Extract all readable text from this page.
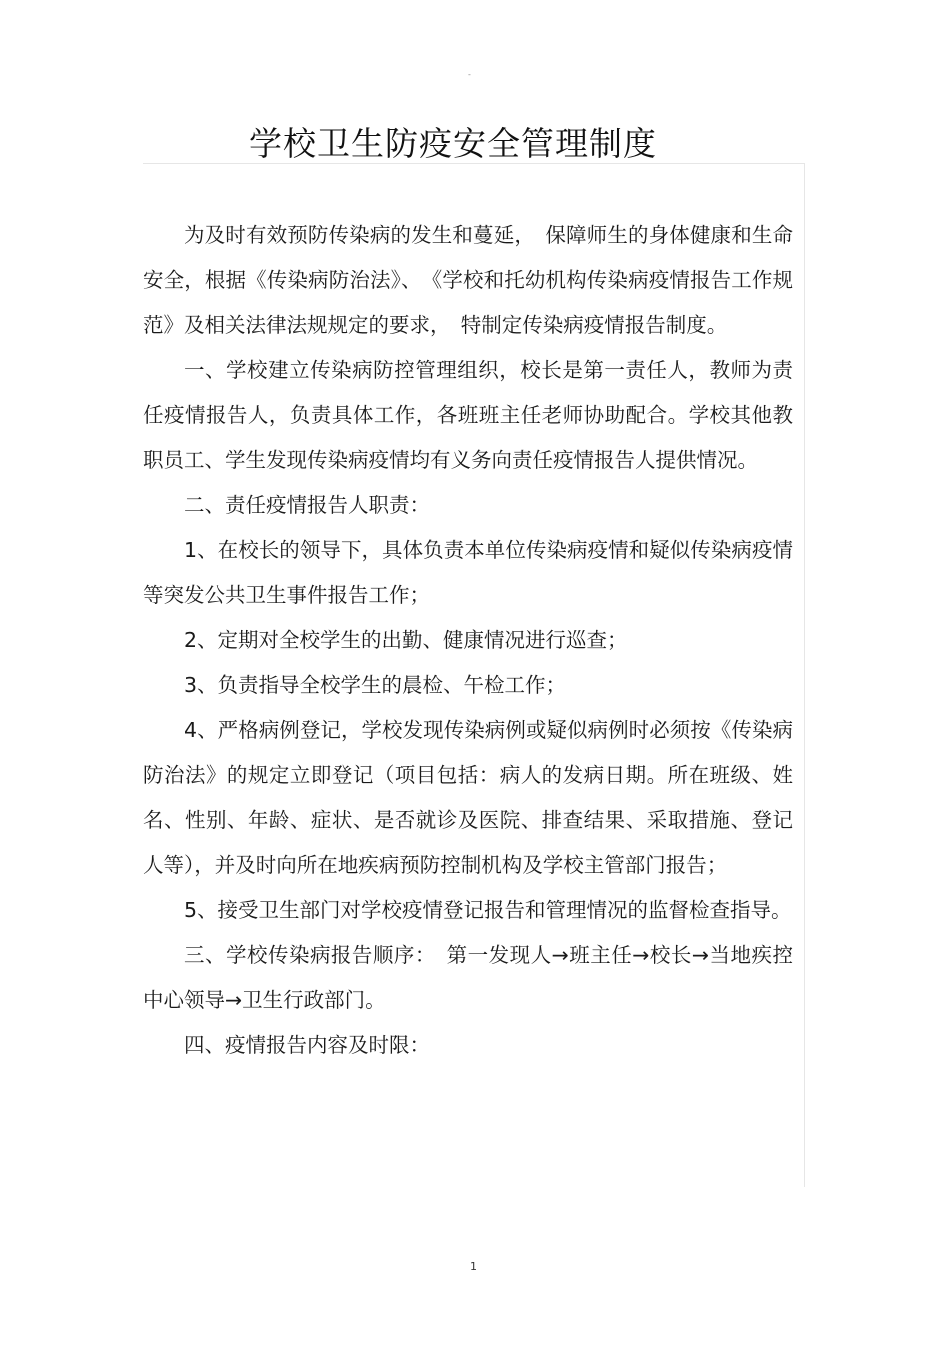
-
学校卫生防疫安全管理制度

为及时有效预防传染病的发生和蔓延，　保障师生的身体健康和生命安全，根据《传染病防治法》、　《学校和托幼机构传染病疫情报告工作规范》及相关法律法规规定的要求，　特制定传染病疫情报告制度。

一、学校建立传染病防控管理组织，校长是第一责任人，教师为责任疫情报告人，负责具体工作，各班班主任老师协助配合。学校其他教职员工、学生发现传染病疫情均有义务向责任疫情报告人提供情况。

二、责任疫情报告人职责：

1、在校长的领导下，具体负责本单位传染病疫情和疑似传染病疫情等突发公共卫生事件报告工作；

2、定期对全校学生的出勤、健康情况进行巡查；

3、负责指导全校学生的晨检、午检工作；

4、严格病例登记，学校发现传染病例或疑似病例时必须按《传染病防治法》的规定立即登记（项目包括：病人的发病日期。所在班级、姓名、性别、年龄、症状、是否就诊及医院、排查结果、采取措施、登记人等），并及时向所在地疾病预防控制机构及学校主管部门报告；

5、接受卫生部门对学校疫情登记报告和管理情况的监督检查指导。

三、学校传染病报告顺序：　第一发现人→班主任→校长→当地疾控中心领导→卫生行政部门。

四、疫情报告内容及时限：

1
